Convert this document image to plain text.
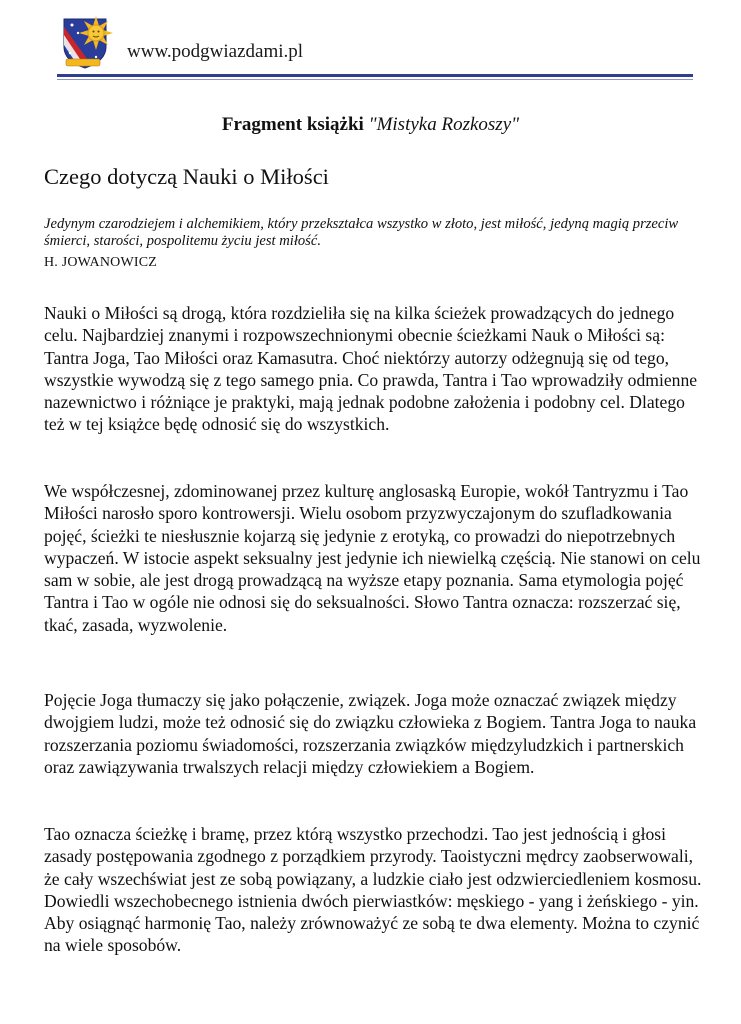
www.podgwiazdami.pl
Fragment książki "Mistyka Rozkoszy"
Czego dotyczą Nauki o Miłości
Jedynym czarodziejem i alchemikiem, który przekształca wszystko w złoto, jest miłość, jedyną magią przeciw śmierci, starości, pospolitemu życiu jest miłość.
H. JOWANOWICZ

Nauki o Miłości są drogą, która rozdzieliła się na kilka ścieżek prowadzących do jednego celu. Najbardziej znanymi i rozpowszechnionymi obecnie ścieżkami Nauk o Miłości są: Tantra Joga, Tao Miłości oraz Kamasutra. Choć niektórzy autorzy odżegnują się od tego, wszystkie wywodzą się z tego samego pnia. Co prawda, Tantra i Tao wprowadziły odmienne nazewnictwo i różniące je praktyki, mają jednak podobne założenia i podobny cel. Dlatego też w tej książce będę odnosić się do wszystkich.

We współczesnej, zdominowanej przez kulturę anglosaską Europie, wokół Tantryzmu i Tao Miłości narosło sporo kontrowersji. Wielu osobom przyzwyczajonym do szufladkowania pojęć, ścieżki te niesłusznie kojarzą się jedynie z erotyką, co prowadzi do niepotrzebnych wypaczeń. W istocie aspekt seksualny jest jedynie ich niewielką częścią. Nie stanowi on celu sam w sobie, ale jest drogą prowadzącą na wyższe etapy poznania. Sama etymologia pojęć Tantra i Tao w ogóle nie odnosi się do seksualności. Słowo Tantra oznacza: rozszerzać się, tkać, zasada, wyzwolenie.

Pojęcie Joga tłumaczy się jako połączenie, związek. Joga może oznaczać związek między dwojgiem ludzi, może też odnosić się do związku człowieka z Bogiem. Tantra Joga to nauka rozszerzania poziomu świadomości, rozszerzania związków międzyludzkich i partnerskich oraz zawiązywania trwalszych relacji między człowiekiem a Bogiem.

Tao oznacza ścieżkę i bramę, przez którą wszystko przechodzi. Tao jest jednością i głosi zasady postępowania zgodnego z porządkiem przyrody. Taoistyczni mędrcy zaobserwowali, że cały wszechświat jest ze sobą powiązany, a ludzkie ciało jest odzwierciedleniem kosmosu. Dowiedli wszechobecnego istnienia dwóch pierwiastków: męskiego - yang i żeńskiego - yin. Aby osiągnąć harmonię Tao, należy zrównoważyć ze sobą te dwa elementy. Można to czynić na wiele sposobów.
